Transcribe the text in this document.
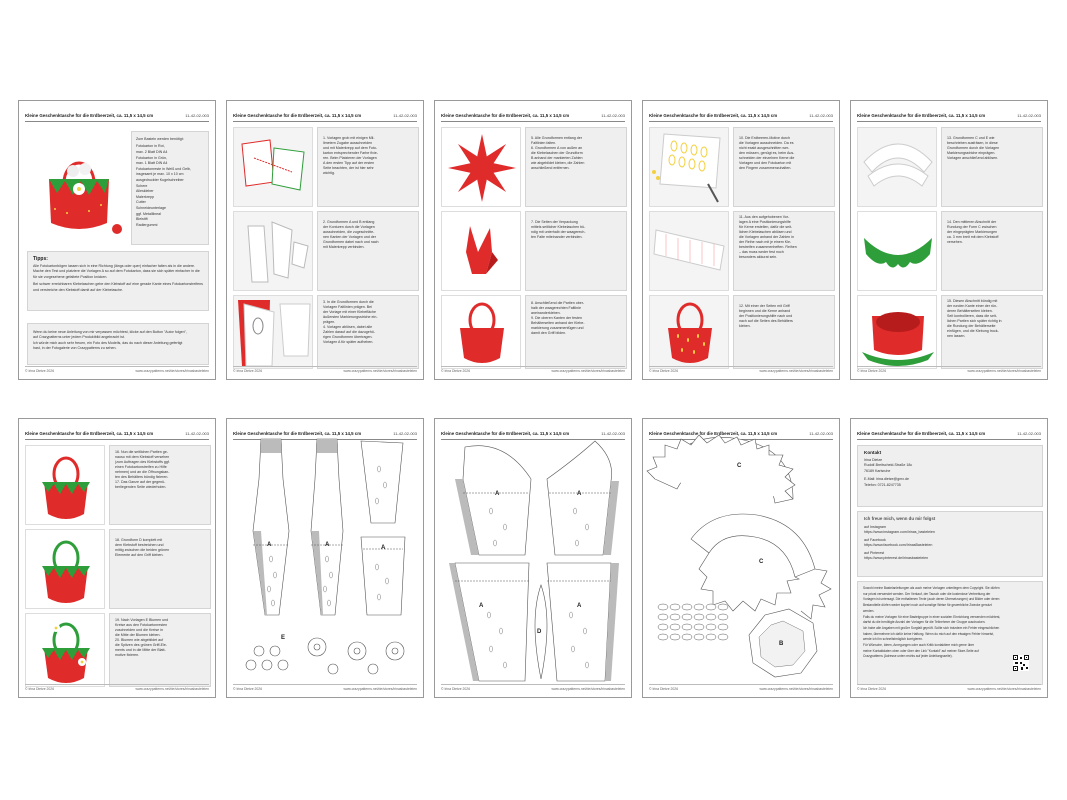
Kleine Geschenktasche für die Erdbeerzeit, ca. 11,5 x 14,5 cm	11-42-02-003
Zum Basteln werden benötigt:
Fotokarton in Rot,
max. 2 Blatt DIN A4
Fotokarton in Grün,
max. 1 Blatt DIN A4
Fotokartonreste in Weiß und Gelb,
insgesamt je max. 10 x 10 cm
ausgedruckter Kugelschreiber
Schere
Alleskleber
Malerkrepp
Cutter
Schneideunterlage
ggf. Metalllineal
Bleistift
Radiergummi
Tipps:
Alle Fotokartonbögen lassen sich in eine Richtung (längs oder quer) einfacher falten als in die andere. Mache den Test und platziere die Vorlagen A so auf dem Fotokarton, dass sie sich später einfacher in die für sie vorgesehene gefaltete Position knicken.
Bei schwer erreichbaren Klebelaschen gebe den Klebstoff auf eine gerade Kante eines Fotokartonstreifens und verstreiche den Klebstoff damit auf der Klebelasche.
Wenn du keine neue Anleitung von mir verpassen möchtest, klicke auf den Button "Autor folgen",
auf Crazypatterns unter jedem Produktbild angebracht ist.
Ich würde mich auch sehr freuen, ein Foto des Modells, das du nach dieser Anleitung gefertigt
hast, in der Fotogalerie von Crazypatterns zu sehen.
© Irina Dietze 2026	www.crazypatterns.net/de/stores/irinasbasteleien
Kleine Geschenktasche für die Erdbeerzeit, ca. 11,5 x 14,5 cm	11-42-02-003
1. Vorlagen grob mit einigen Mil-
limetern Zugabe ausschneiden
und mit Malerkrepp auf dem Foto-
karton entsprechender Farbe fixie-
ren. Beim Platzieren der Vorlagen
A den ersten Tipp auf der ersten
Seite beachten, der ist hier sehr
wichtig.
2. Grundformen A und B entlang
der Konturen durch die Vorlagen
ausschneiden, die zugeschnitte-
nen Kanten der Vorlagen und der
Grundformen dabei nach und nach
mit Malerkrepp verbinden.
3. In die Grundformen durch die
Vorlagen Faltlinien prägen. Bei
der Vorlage mit einer Klebefläche
äußersten Markierungsstriche ein-
prägen.
4. Vorlagen ablösen, dabei alle
Zahlen darauf auf die dazugehö-
rigen Grundformen übertragen.
Vorlagen A für später aufheben.
© Irina Dietze 2026	www.crazypatterns.net/de/stores/irinasbasteleien
Kleine Geschenktasche für die Erdbeerzeit, ca. 11,5 x 14,5 cm	11-42-02-003
5. Alle Grundformen entlang der
Faltlinien falten.
6. Grundformen A von außen an
die Klebelaschen der Grundform
B anhand der markierten Zahlen
wie abgebildet kleben, die Zahlen
anschließend entfernen.
7. Die Seiten der Verpackung
mittels seitlicher Klebelaschen bü-
ndig mit unterhalb der waagerech-
ten Falte miteinander verbinden.
8. Anschließend die Partien ober-
halb der waagerechten Faltlinie
aneinanderkleben.
9. Die oberen Kanten der festen
Behälterseiten anhand der Klebe-
markierung zusammenfügen und
damit den Griff bilden.
© Irina Dietze 2026	www.crazypatterns.net/de/stores/irinasbasteleien
Kleine Geschenktasche für die Erdbeerzeit, ca. 11,5 x 14,5 cm	11-42-02-003
10. Die Erdbeeren-Motive durch
die Vorlagen ausschneiden. Da es
nicht exakt ausgeschnitten wer-
den müssen, genügt es, beim Aus-
schneiden der einzelnen Kerne die
Vorlagen und den Fotokarton mit
den Fingern zusammenzuhalten.
11. Aus den aufgehobenen Vor-
lagen A eine Positionierungshilfe
für Kerne erstellen, dafür die seit-
lichen Klebelaschen ablösen und
die Vorlagen anhand der Zahlen in
der Reihe nach mit je einem Kle-
bestreifen zusammenheften. Reihen
– das muss weder fest noch
besonders akkurat sein.
12. Mit einer der Seiten mit Griff
beginnen und die Kerne anhand
der Positionierungshilfe nach und
nach auf die Seiten des Behälters
kleben.
© Irina Dietze 2026	www.crazypatterns.net/de/stores/irinasbasteleien
Kleine Geschenktasche für die Erdbeerzeit, ca. 11,5 x 14,5 cm	11-42-02-003
13. Grundformen C und E wie
beschrieben ausfräsen, in diese
Grundformen durch die Vorlagen
Markierungsstriche einprägen.
Vorlagen anschließend ablösen.
14. Den mittleren Abschnitt der
Rundung der Form C zwischen
der eingeprägten Markierungen
ca. 3 mm breit mit dem Klebstoff
versehen.
15. Diesen Abschnitt bündig mit
der runden Kante einer der rün-
deren Behälterseiten kleben.
Seit kontrollieren, dass die seit-
lichen Partien sich später richtig in
die Rundung der Behälterseite
einfügen, und die Klebung trock-
nen lassen.
© Irina Dietze 2026	www.crazypatterns.net/de/stores/irinasbasteleien
Kleine Geschenktasche für die Erdbeerzeit, ca. 11,5 x 14,5 cm	11-42-02-003
16. Nun die seitlichen Partien ge-
nauso mit dem Klebstoff versehen
(zum Auftragen des Klebstoffs ggf.
einen Fotokartonstreifen zu Hilfe
nehmen) und an die Öffnungskan-
ten des Behälters bündig fixieren.
17. Das Ganze auf der gegenü-
berliegenden Seite wiederholen.
18. Grundform D komplett mit
dem Klebstoff bestreichen und
mittig zwischen die beiden grünen
Elemente auf den Griff kleben.
19. Nach Vorlagen E Blumen und
Kreise aus den Fotokartonresten
zuschneiden und die Kreise in
die Mitte der Blumen kleben.
20. Blumen wie abgebildet auf
die Spitzen des grünen Griff-Ele-
ments und in die Mitte der Blatt-
motive fixieren.
© Irina Dietze 2026	www.crazypatterns.net/de/stores/irinasbasteleien
Kleine Geschenktasche für die Erdbeerzeit, ca. 11,5 x 14,5 cm	11-42-02-003
A	A	A
E
© Irina Dietze 2026	www.crazypatterns.net/de/stores/irinasbasteleien
Kleine Geschenktasche für die Erdbeerzeit, ca. 11,5 x 14,5 cm	11-42-02-003
A	A
A	A
D
© Irina Dietze 2026	www.crazypatterns.net/de/stores/irinasbasteleien
Kleine Geschenktasche für die Erdbeerzeit, ca. 11,5 x 14,5 cm	11-42-02-003
C
C
B
© Irina Dietze 2026	www.crazypatterns.net/de/stores/irinasbasteleien
Kleine Geschenktasche für die Erdbeerzeit, ca. 11,5 x 14,5 cm	11-42-02-003
Kontakt
Irina Dietze
Rudolf-Breitscheid-Straße 18c
76189 Karlsruhe
E-Mail: irina.dietze@gmx.de
Telefon: 0721-8247735
Ich freue mich, wenn du mir folgst
auf Instagram
https://www.instagram.com/irinas_basteleien
auf Facebook
https://www.facebook.com/IrinasBasteleien
auf Pinterest
https://www.pinterest.de/irinasbasteleien
Sowohl meine Bastelanleitungen als auch meine Vorlagen unterliegen dem Copyright. Sie dürfen
nur privat verwendet werden. Der Verkauf, der Tausch oder die kostenlose Verbreitung der
Vorlagen ist untersagt. Die enthaltenen Texte (auch deren Übersetzungen) und Bilder oder deren
Bestandteile dürfen weder kopiert noch auf sonstige Weise für gewerbliche Zwecke genutzt
werden.
Falls du meine Vorlagen für eine Bastelgruppe in einer sozialen Einrichtung verwenden möchtest,
darfst du die benötigte Anzahl der Vorlagen für die Teilnehmer der Gruppe ausdrucken.
Ich habe alle Angaben mit großer Sorgfalt geprüft. Sollte sich trotzdem ein Fehler eingeschlichen
haben, übernehme ich dafür keine Haftung. Wenn du mich auf den etwaigen Fehler hinweist,
werde ich ihn schnellstmöglich korrigieren.
Für Wünsche, Ideen, Anregungen oder auch Kritik kontaktiere mich gerne über
meine Kontaktdaten oben oder über den Link "Kontakt" auf meiner Store-Seite auf
Crazypatterns (Adresse unten rechts auf jeder Anleitungsseite).
© Irina Dietze 2026	www.crazypatterns.net/de/stores/irinasbasteleien
